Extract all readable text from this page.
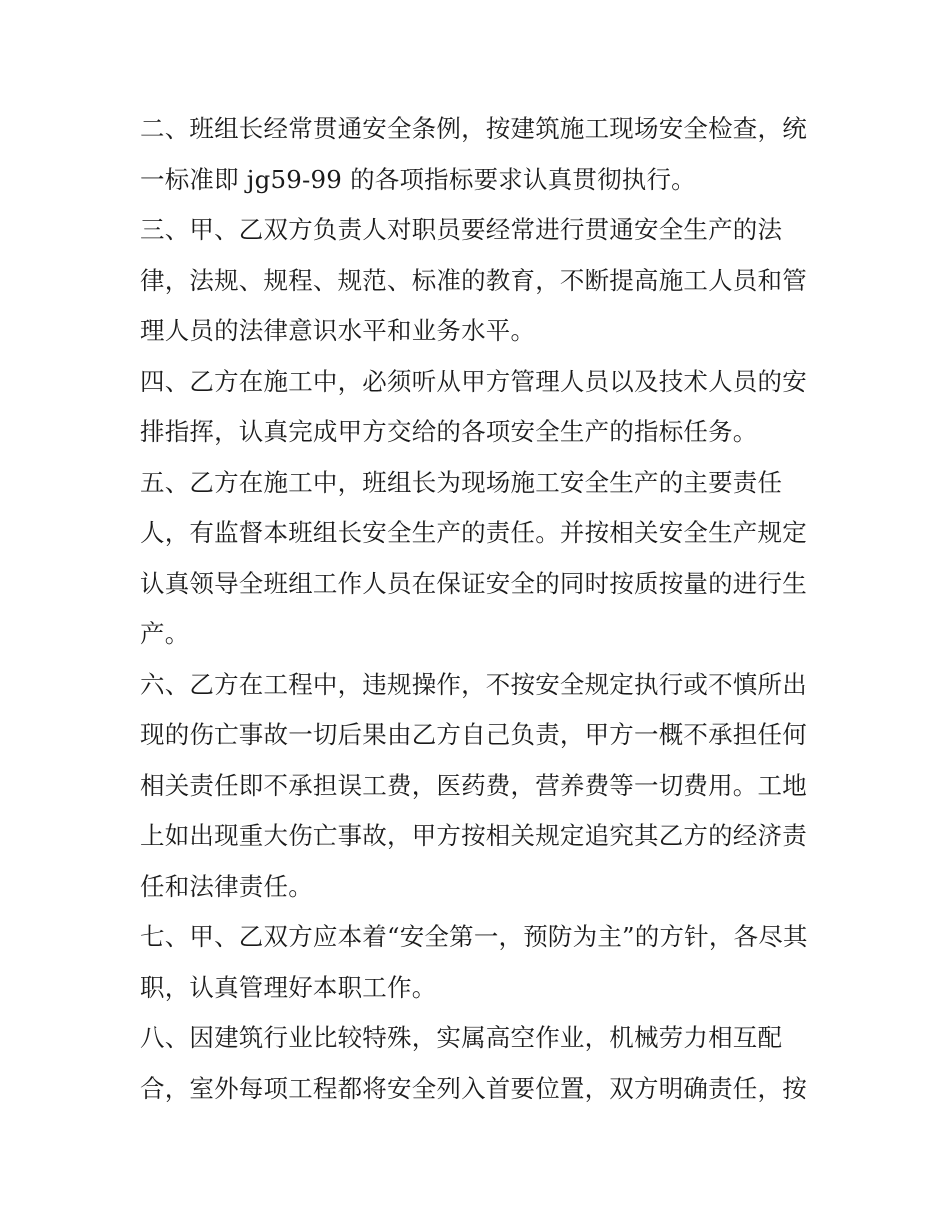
二、班组长经常贯通安全条例，按建筑施工现场安全检查，统
一标准即 jg59-99 的各项指标要求认真贯彻执行。
三、甲、乙双方负责人对职员要经常进行贯通安全生产的法
律，法规、规程、规范、标准的教育，不断提高施工人员和管
理人员的法律意识水平和业务水平。
四、乙方在施工中，必须听从甲方管理人员以及技术人员的安
排指挥，认真完成甲方交给的各项安全生产的指标任务。
五、乙方在施工中，班组长为现场施工安全生产的主要责任
人，有监督本班组长安全生产的责任。并按相关安全生产规定
认真领导全班组工作人员在保证安全的同时按质按量的进行生
产。
六、乙方在工程中，违规操作，不按安全规定执行或不慎所出
现的伤亡事故一切后果由乙方自己负责，甲方一概不承担任何
相关责任即不承担误工费，医药费，营养费等一切费用。工地
上如出现重大伤亡事故，甲方按相关规定追究其乙方的经济责
任和法律责任。
七、甲、乙双方应本着“安全第一，预防为主”的方针，各尽其
职，认真管理好本职工作。
八、因建筑行业比较特殊，实属高空作业，机械劳力相互配
合，室外每项工程都将安全列入首要位置，双方明确责任，按
